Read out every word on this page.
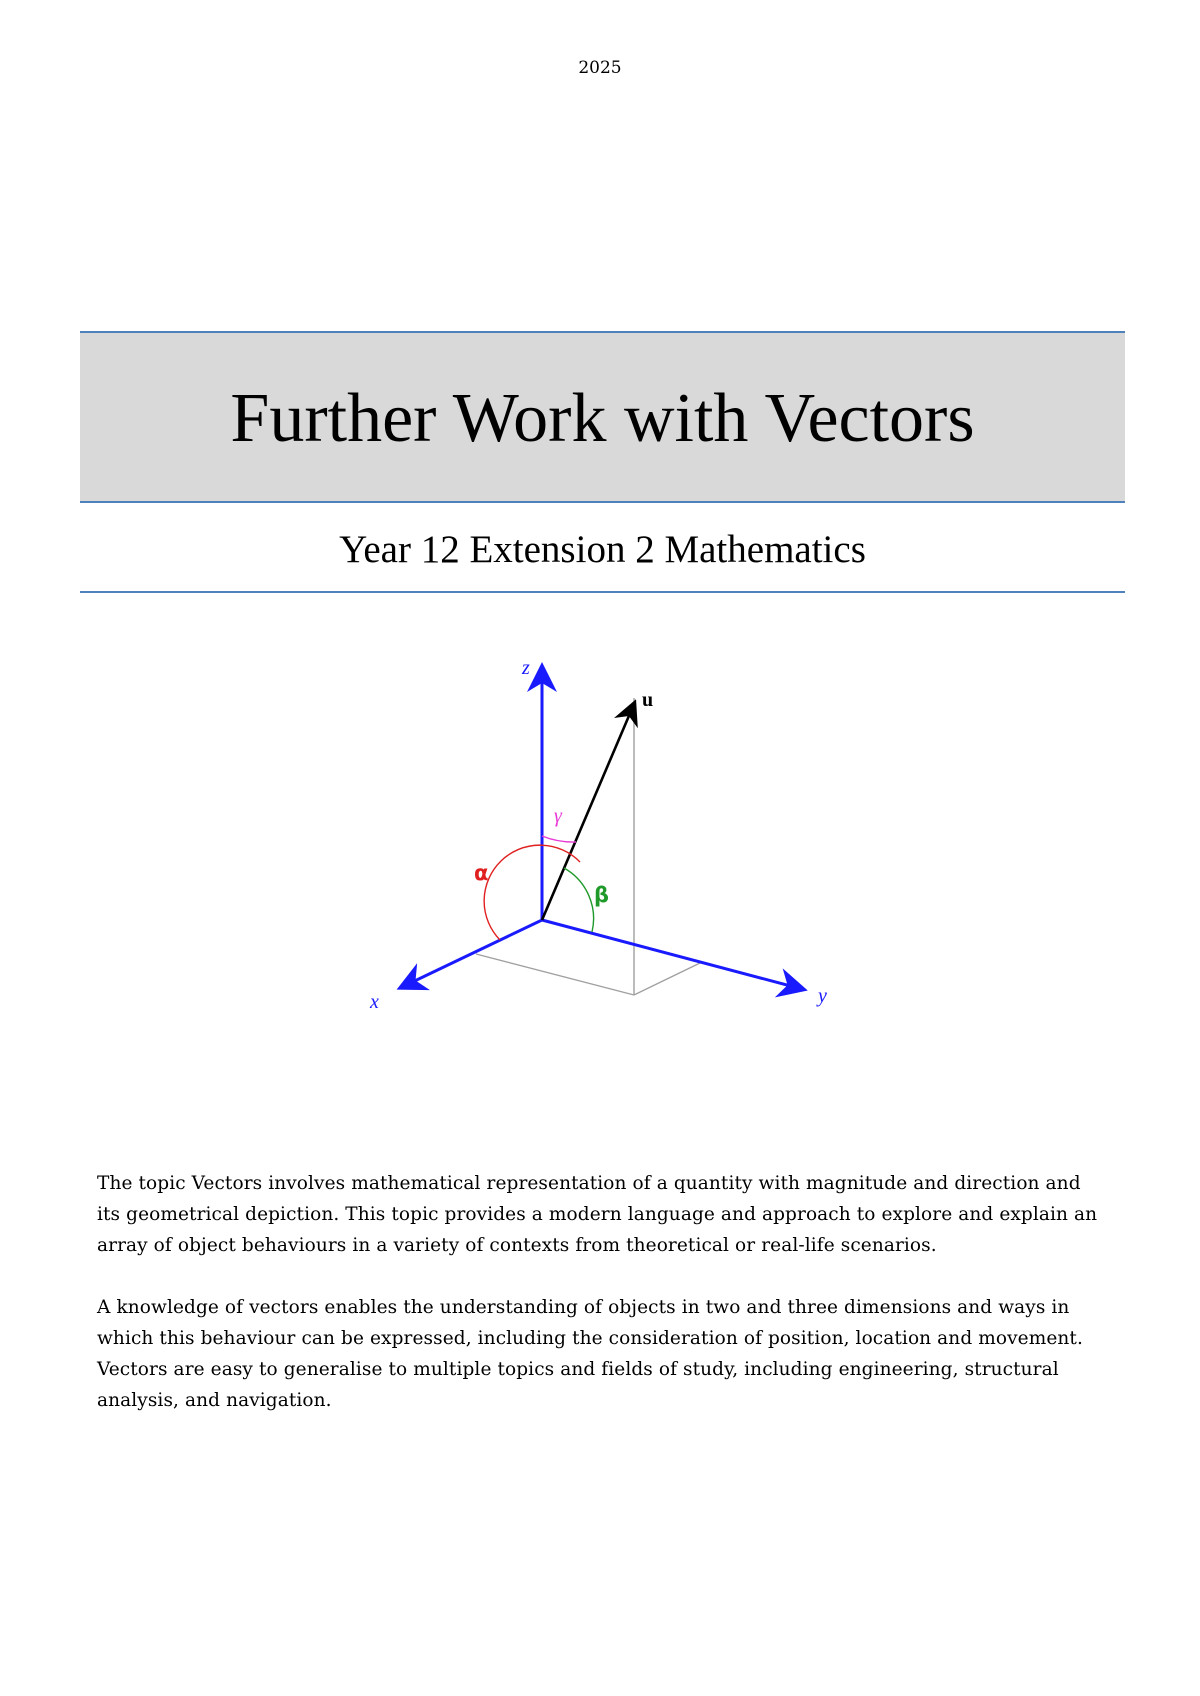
2025
Further Work with Vectors
Year 12 Extension 2 Mathematics
z
x	y
u
α
β
γ

The topic Vectors involves mathematical representation of a quantity with magnitude and direction and its geometrical depiction. This topic provides a modern language and approach to explore and explain an array of object behaviours in a variety of contexts from theoretical or real-life scenarios.

A knowledge of vectors enables the understanding of objects in two and three dimensions and ways in which this behaviour can be expressed, including the consideration of position, location and movement. Vectors are easy to generalise to multiple topics and fields of study, including engineering, structural analysis, and navigation.
